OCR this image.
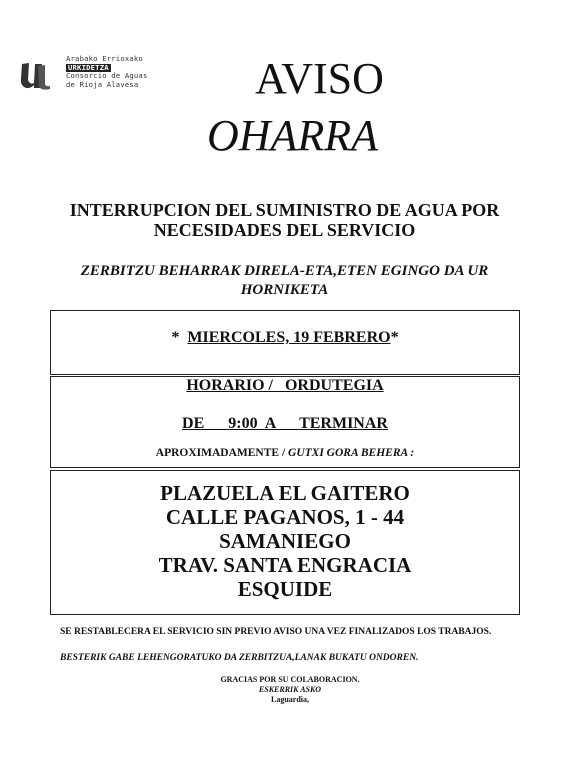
Arabako Errioxako
URKIDETZA
Consorcio de Aguas
de Rioja Alavesa	AVISO
OHARRA
INTERRUPCION DEL SUMINISTRO DE AGUA POR NECESIDADES DEL SERVICIO
ZERBITZU BEHARRAK DIRELA-ETA,ETEN EGINGO DA UR HORNIKETA
* MIERCOLES, 19 FEBRERO*
HORARIO /   ORDUTEGIA
DE   9:00 A   TERMINAR
APROXIMADAMENTE / GUTXI GORA BEHERA :
PLAZUELA EL GAITERO
CALLE PAGANOS, 1 - 44
SAMANIEGO
TRAV. SANTA ENGRACIA
ESQUIDE
SE RESTABLECERA EL SERVICIO SIN PREVIO AVISO UNA VEZ FINALIZADOS LOS TRABAJOS.
BESTERIK GABE LEHENGORATUKO DA ZERBITZUA,LANAK BUKATU ONDOREN.
GRACIAS POR SU COLABORACION.
ESKERRIK ASKO
Laguardia,
